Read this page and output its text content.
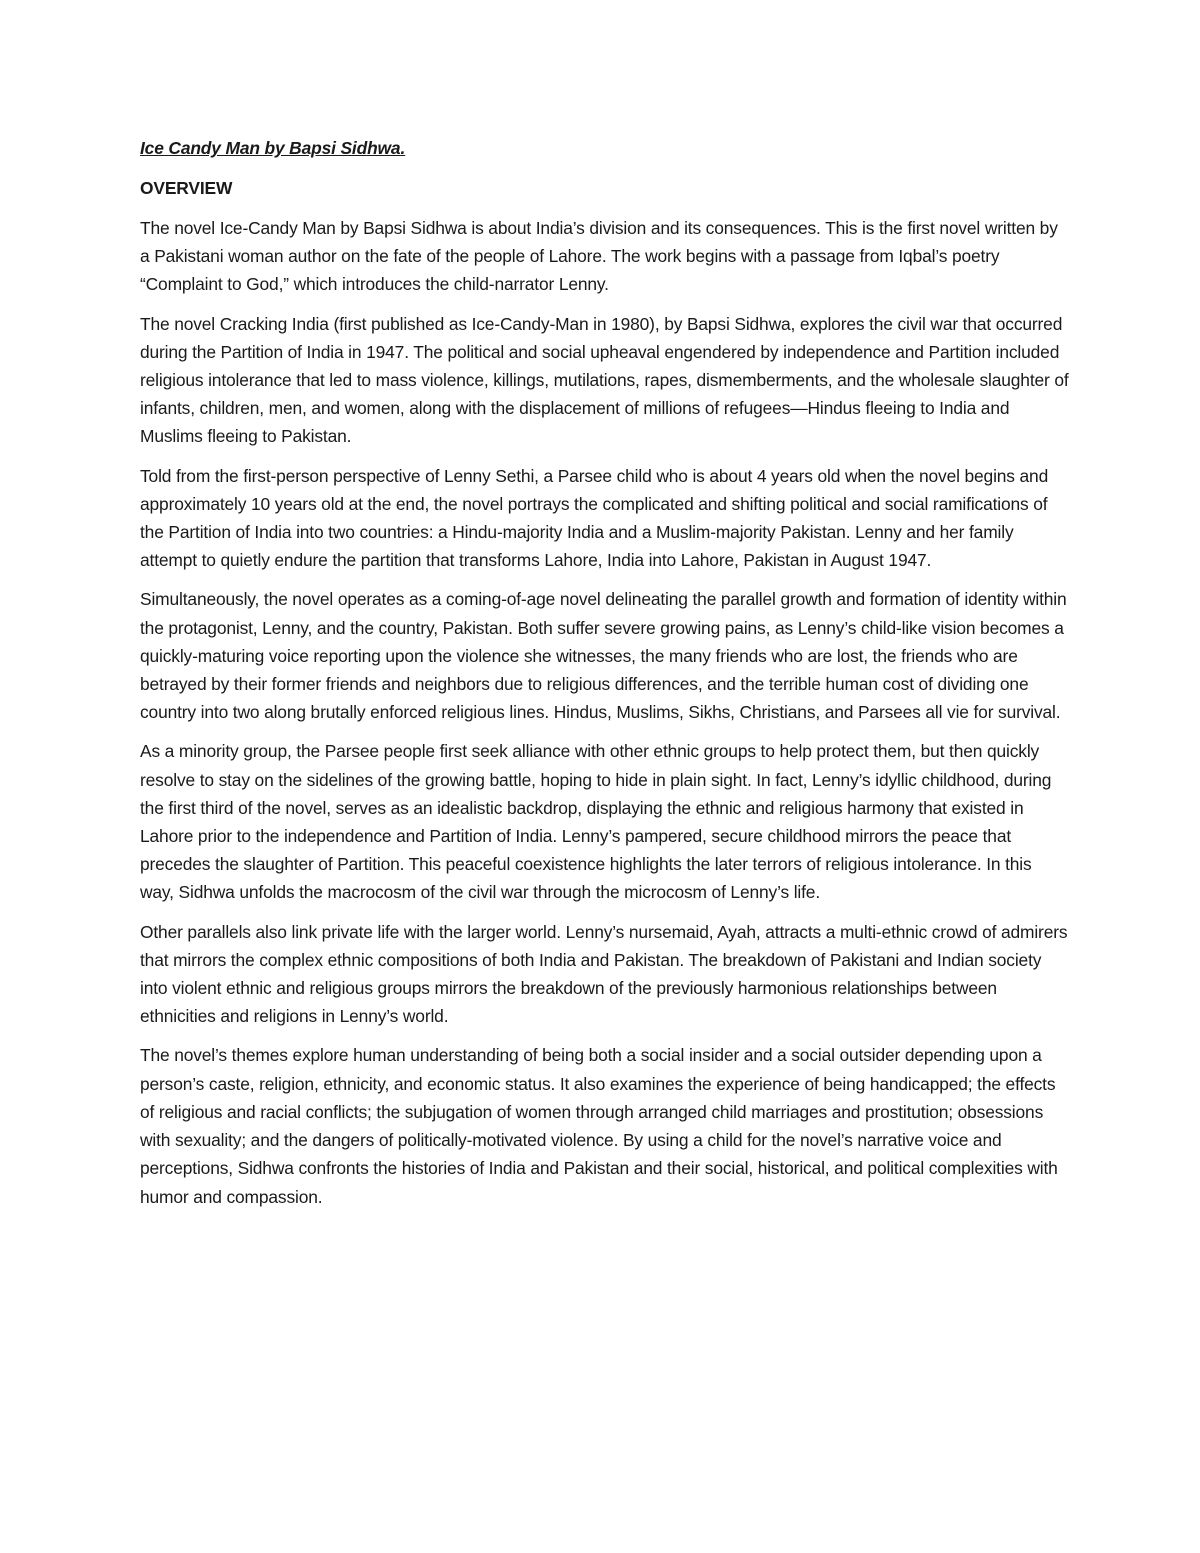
Ice Candy Man by Bapsi Sidhwa.

OVERVIEW

The novel Ice-Candy Man by Bapsi Sidhwa is about India’s division and its consequences. This is the first novel written by a Pakistani woman author on the fate of the people of Lahore. The work begins with a passage from Iqbal’s poetry “Complaint to God,” which introduces the child-narrator Lenny.

The novel Cracking India (first published as Ice-Candy-Man in 1980), by Bapsi Sidhwa, explores the civil war that occurred during the Partition of India in 1947. The political and social upheaval engendered by independence and Partition included religious intolerance that led to mass violence, killings, mutilations, rapes, dismemberments, and the wholesale slaughter of infants, children, men, and women, along with the displacement of millions of refugees—Hindus fleeing to India and Muslims fleeing to Pakistan.

Told from the first-person perspective of Lenny Sethi, a Parsee child who is about 4 years old when the novel begins and approximately 10 years old at the end, the novel portrays the complicated and shifting political and social ramifications of the Partition of India into two countries: a Hindu-majority India and a Muslim-majority Pakistan. Lenny and her family attempt to quietly endure the partition that transforms Lahore, India into Lahore, Pakistan in August 1947.

Simultaneously, the novel operates as a coming-of-age novel delineating the parallel growth and formation of identity within the protagonist, Lenny, and the country, Pakistan. Both suffer severe growing pains, as Lenny’s child-like vision becomes a quickly-maturing voice reporting upon the violence she witnesses, the many friends who are lost, the friends who are betrayed by their former friends and neighbors due to religious differences, and the terrible human cost of dividing one country into two along brutally enforced religious lines. Hindus, Muslims, Sikhs, Christians, and Parsees all vie for survival.

As a minority group, the Parsee people first seek alliance with other ethnic groups to help protect them, but then quickly resolve to stay on the sidelines of the growing battle, hoping to hide in plain sight. In fact, Lenny’s idyllic childhood, during the first third of the novel, serves as an idealistic backdrop, displaying the ethnic and religious harmony that existed in Lahore prior to the independence and Partition of India. Lenny’s pampered, secure childhood mirrors the peace that precedes the slaughter of Partition. This peaceful coexistence highlights the later terrors of religious intolerance. In this way, Sidhwa unfolds the macrocosm of the civil war through the microcosm of Lenny’s life.

Other parallels also link private life with the larger world. Lenny’s nursemaid, Ayah, attracts a multi-ethnic crowd of admirers that mirrors the complex ethnic compositions of both India and Pakistan. The breakdown of Pakistani and Indian society into violent ethnic and religious groups mirrors the breakdown of the previously harmonious relationships between ethnicities and religions in Lenny’s world.

The novel’s themes explore human understanding of being both a social insider and a social outsider depending upon a person’s caste, religion, ethnicity, and economic status. It also examines the experience of being handicapped; the effects of religious and racial conflicts; the subjugation of women through arranged child marriages and prostitution; obsessions with sexuality; and the dangers of politically-motivated violence. By using a child for the novel’s narrative voice and perceptions, Sidhwa confronts the histories of India and Pakistan and their social, historical, and political complexities with humor and compassion.
